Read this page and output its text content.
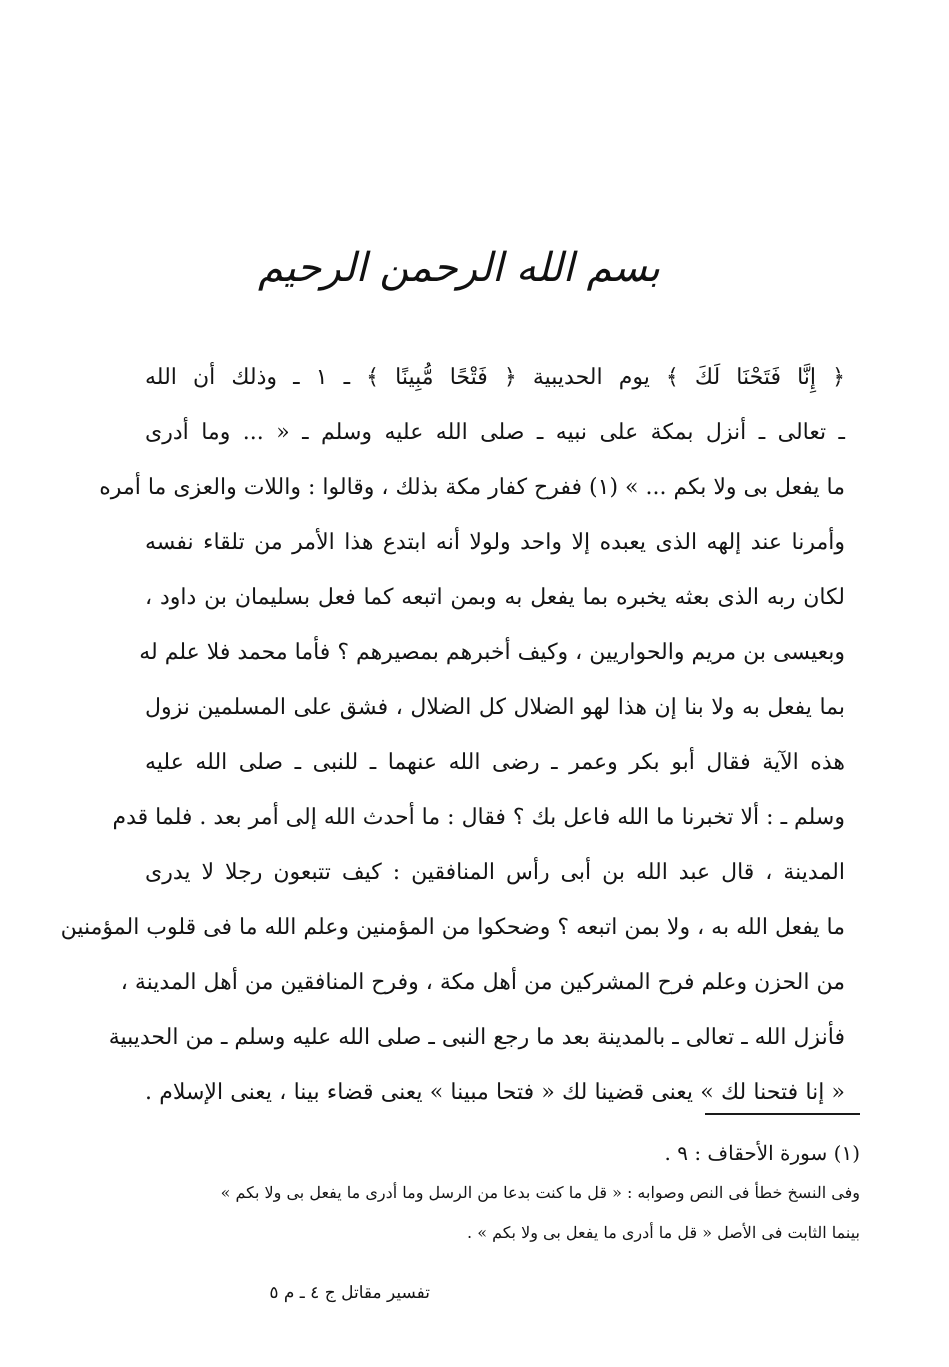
بسم الله الرحمن الرحيم
﴿ إِنَّا فَتَحْنَا لَكَ ﴾ يوم الحديبية ﴿ فَتْحًا مُّبِينًا ﴾ ـ ١ ـ وذلك أن الله
ـ تعالى ـ أنزل بمكة على نبيه ـ صلى الله عليه وسلم ـ « ... وما أدرى
ما يفعل بى ولا بكم ... » (١) ففرح كفار مكة بذلك ، وقالوا : واللات والعزى ما أمره
وأمرنا عند إلهه الذى يعبده إلا واحد ولولا أنه ابتدع هذا الأمر من تلقاء نفسه
لكان ربه الذى بعثه يخبره بما يفعل به وبمن اتبعه كما فعل بسليمان بن داود ،
وبعيسى بن مريم والحواريين ، وكيف أخبرهم بمصيرهم ؟ فأما محمد فلا علم له
بما يفعل به ولا بنا إن هذا لهو الضلال كل الضلال ، فشق على المسلمين نزول
هذه الآية فقال أبو بكر وعمر ـ رضى الله عنهما ـ للنبى ـ صلى الله عليه
وسلم ـ : ألا تخبرنا ما الله فاعل بك ؟ فقال : ما أحدث الله إلى أمر بعد . فلما قدم
المدينة ، قال عبد الله بن أبى رأس المنافقين : كيف تتبعون رجلا لا يدرى
ما يفعل الله به ، ولا بمن اتبعه ؟ وضحكوا من المؤمنين وعلم الله ما فى قلوب المؤمنين
من الحزن وعلم فرح المشركين من أهل مكة ، وفرح المنافقين من أهل المدينة ،
فأنزل الله ـ تعالى ـ بالمدينة بعد ما رجع النبى ـ صلى الله عليه وسلم ـ من الحديبية
« إنا فتحنا لك » يعنى قضينا لك « فتحا مبينا » يعنى قضاء بينا ، يعنى الإسلام .
(١) سورة الأحقاف : ٩ .
وفى النسخ خطأ فى النص وصوابه : « قل ما كنت بدعا من الرسل وما أدرى ما يفعل بى ولا بكم »
بينما الثابت فى الأصل « قل ما أدرى ما يفعل بى ولا بكم » .
تفسير مقاتل ج ٤ ـ م ٥
